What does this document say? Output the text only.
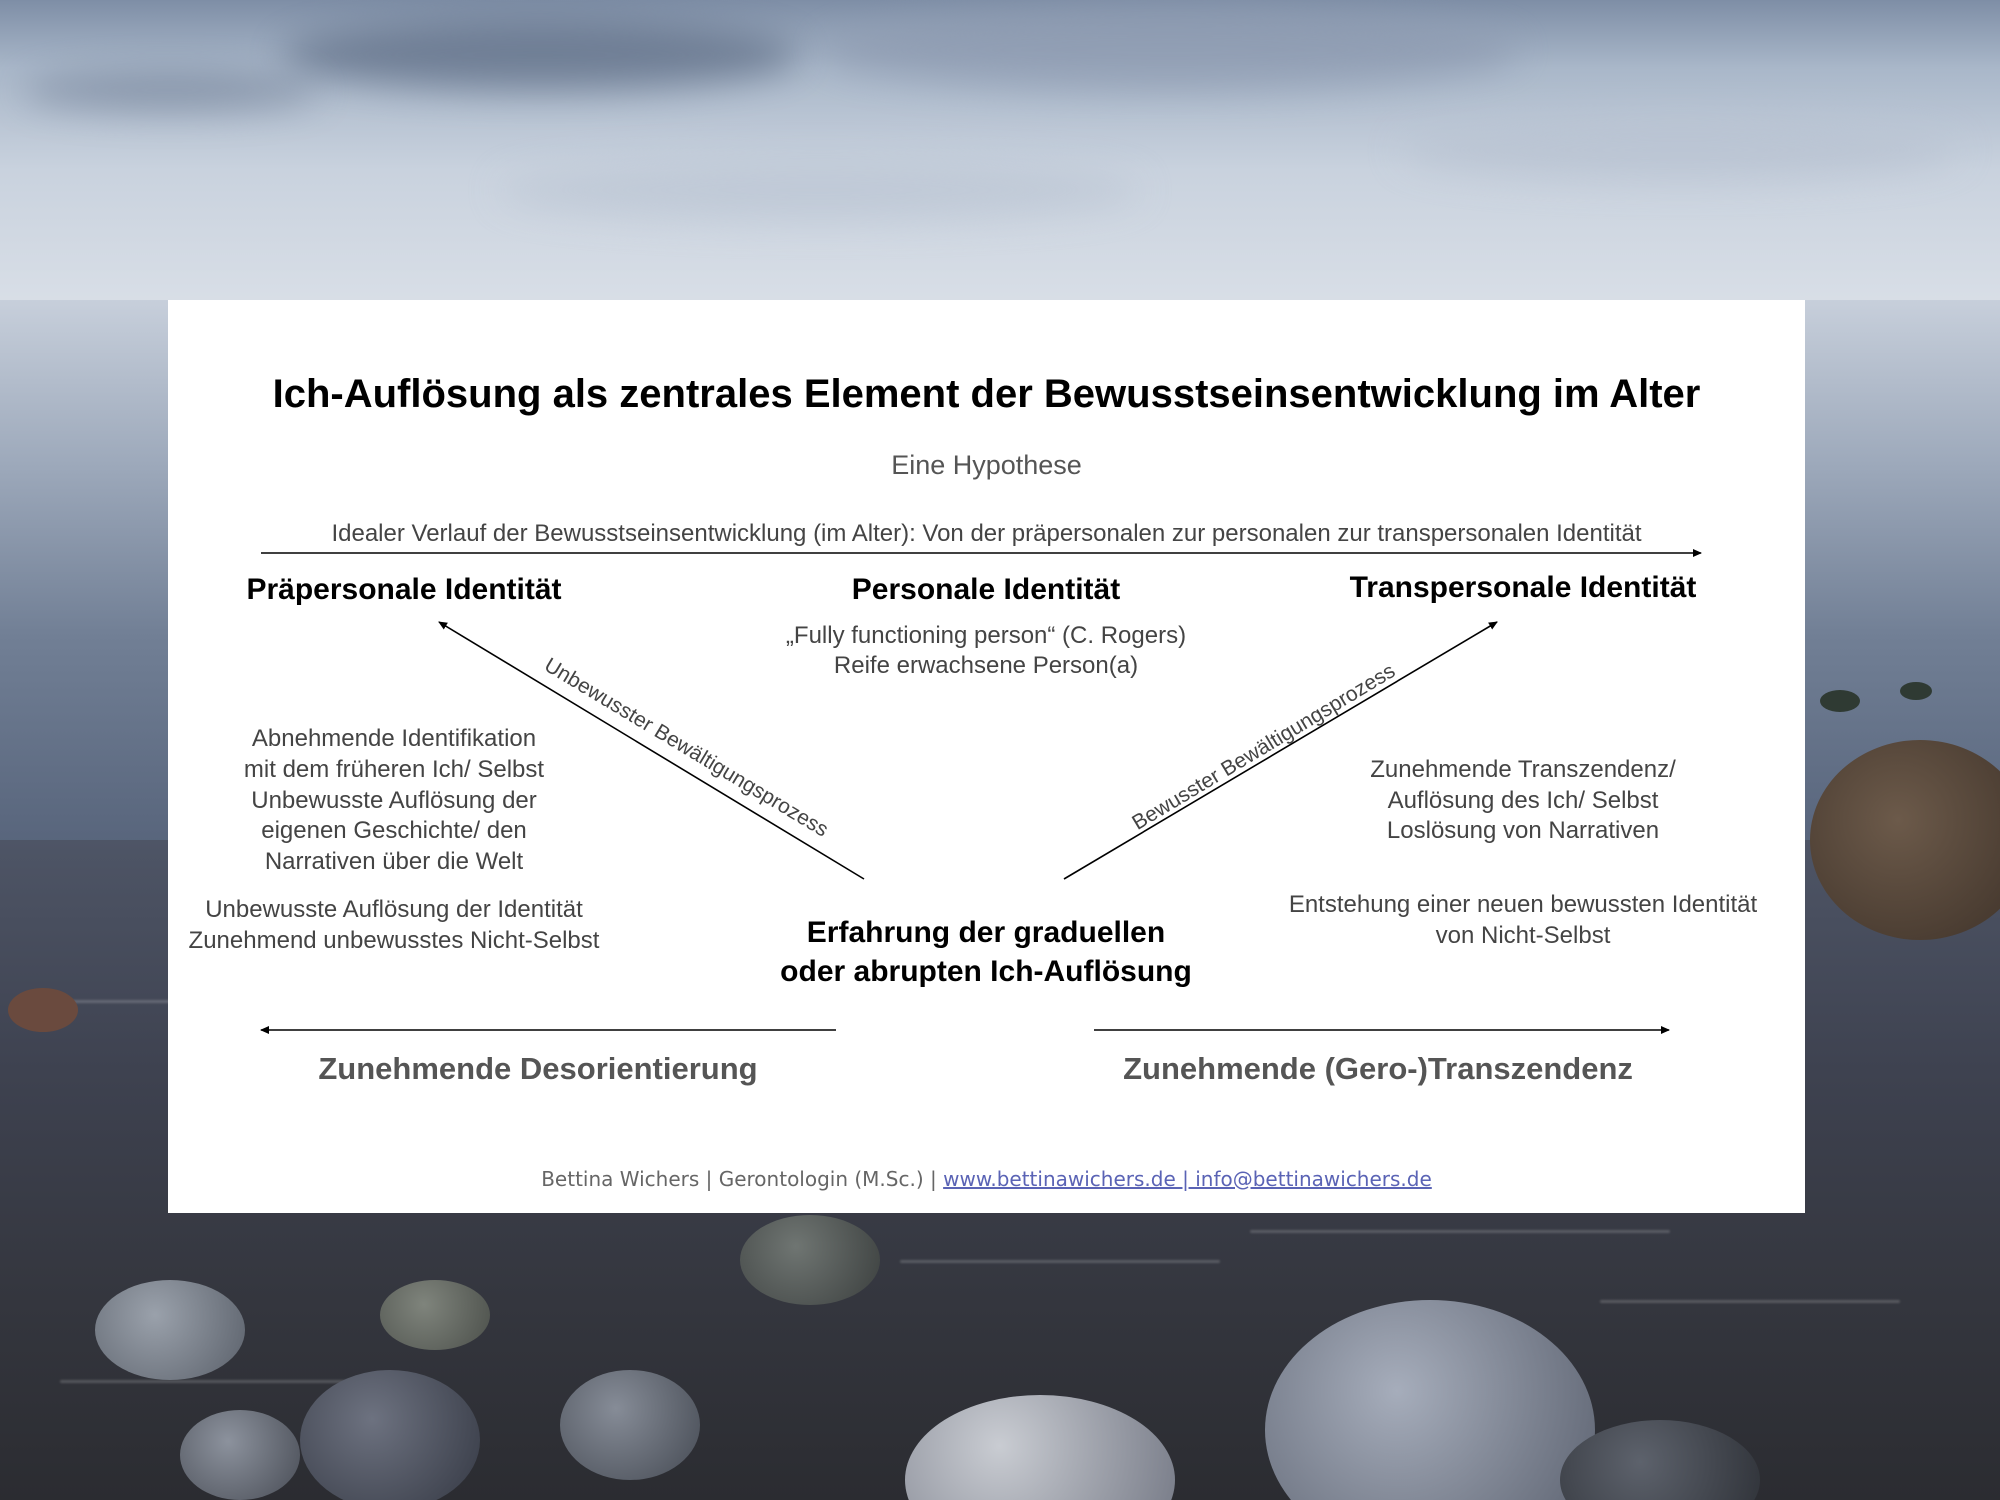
Ich-Auflösung als zentrales Element der Bewusstseinsentwicklung im Alter
Eine Hypothese
Idealer Verlauf der Bewusstseinsentwicklung (im Alter): Von der präpersonalen zur personalen zur transpersonalen Identität
Präpersonale Identität	Personale Identität	Transpersonale Identität
„Fully functioning person“ (C. Rogers)
Reife erwachsene Person(a)
Unbewusster Bewältigungsprozess	Bewusster Bewältigungsprozess
Abnehmende Identifikation
mit dem früheren Ich/ Selbst
Unbewusste Auflösung der
eigenen Geschichte/ den
Narrativen über die Welt
Unbewusste Auflösung der Identität
Zunehmend unbewusstes Nicht-Selbst
Zunehmende Transzendenz/
Auflösung des Ich/ Selbst
Loslösung von Narrativen
Entstehung einer neuen bewussten Identität
von Nicht-Selbst
Erfahrung der graduellen
oder abrupten Ich-Auflösung
Zunehmende Desorientierung	Zunehmende (Gero-)Transzendenz
Bettina Wichers | Gerontologin (M.Sc.) | www.bettinawichers.de | info@bettinawichers.de
